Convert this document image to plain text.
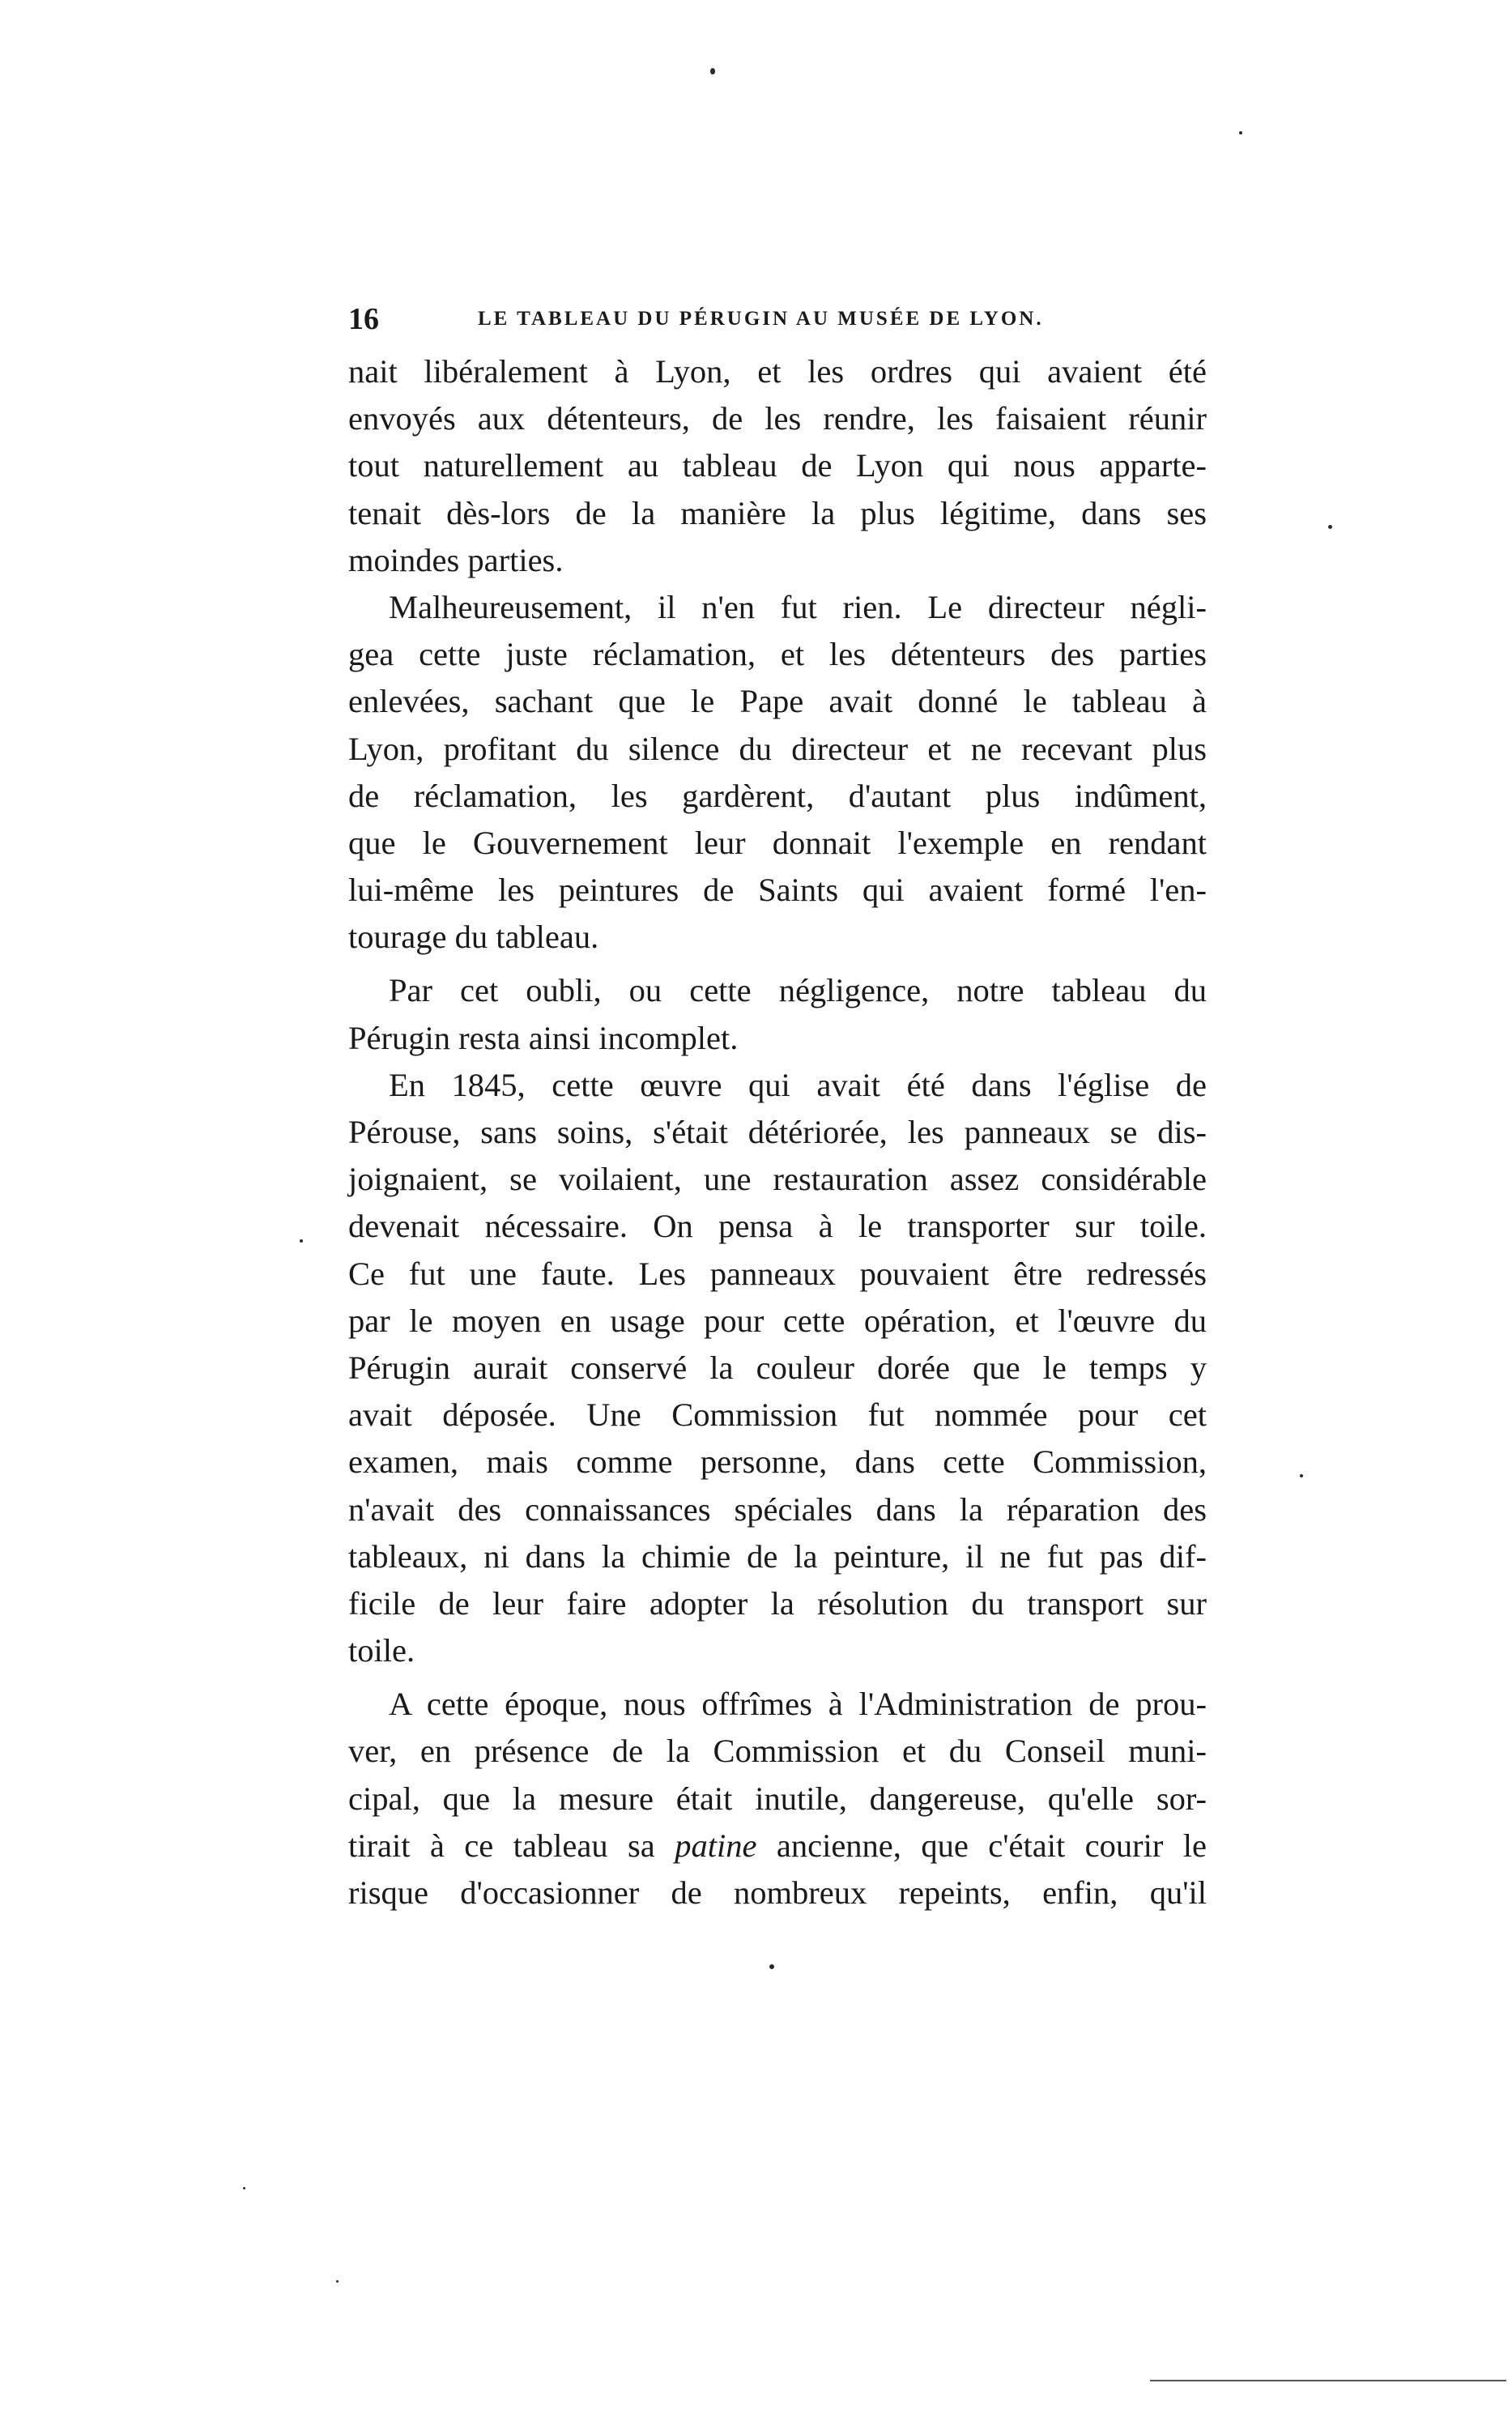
16	LE TABLEAU DU PÉRUGIN AU MUSÉE DE LYON.
nait libéralement à Lyon, et les ordres qui avaient été
envoyés aux détenteurs, de les rendre, les faisaient réunir
tout naturellement au tableau de Lyon qui nous apparte-
tenait dès-lors de la manière la plus légitime, dans ses
moindes parties.
Malheureusement, il n'en fut rien. Le directeur négli-
gea cette juste réclamation, et les détenteurs des parties
enlevées, sachant que le Pape avait donné le tableau à
Lyon, profitant du silence du directeur et ne recevant plus
de réclamation, les gardèrent, d'autant plus indûment,
que le Gouvernement leur donnait l'exemple en rendant
lui-même les peintures de Saints qui avaient formé l'en-
tourage du tableau.
Par cet oubli, ou cette négligence, notre tableau du
Pérugin resta ainsi incomplet.
En 1845, cette œuvre qui avait été dans l'église de
Pérouse, sans soins, s'était détériorée, les panneaux se dis-
joignaient, se voilaient, une restauration assez considérable
devenait nécessaire. On pensa à le transporter sur toile.
Ce fut une faute. Les panneaux pouvaient être redressés
par le moyen en usage pour cette opération, et l'œuvre du
Pérugin aurait conservé la couleur dorée que le temps y
avait déposée. Une Commission fut nommée pour cet
examen, mais comme personne, dans cette Commission,
n'avait des connaissances spéciales dans la réparation des
tableaux, ni dans la chimie de la peinture, il ne fut pas dif-
ficile de leur faire adopter la résolution du transport sur
toile.
A cette époque, nous offrîmes à l'Administration de prou-
ver, en présence de la Commission et du Conseil muni-
cipal, que la mesure était inutile, dangereuse, qu'elle sor-
tirait à ce tableau sa patine ancienne, que c'était courir le
risque d'occasionner de nombreux repeints, enfin, qu'il
